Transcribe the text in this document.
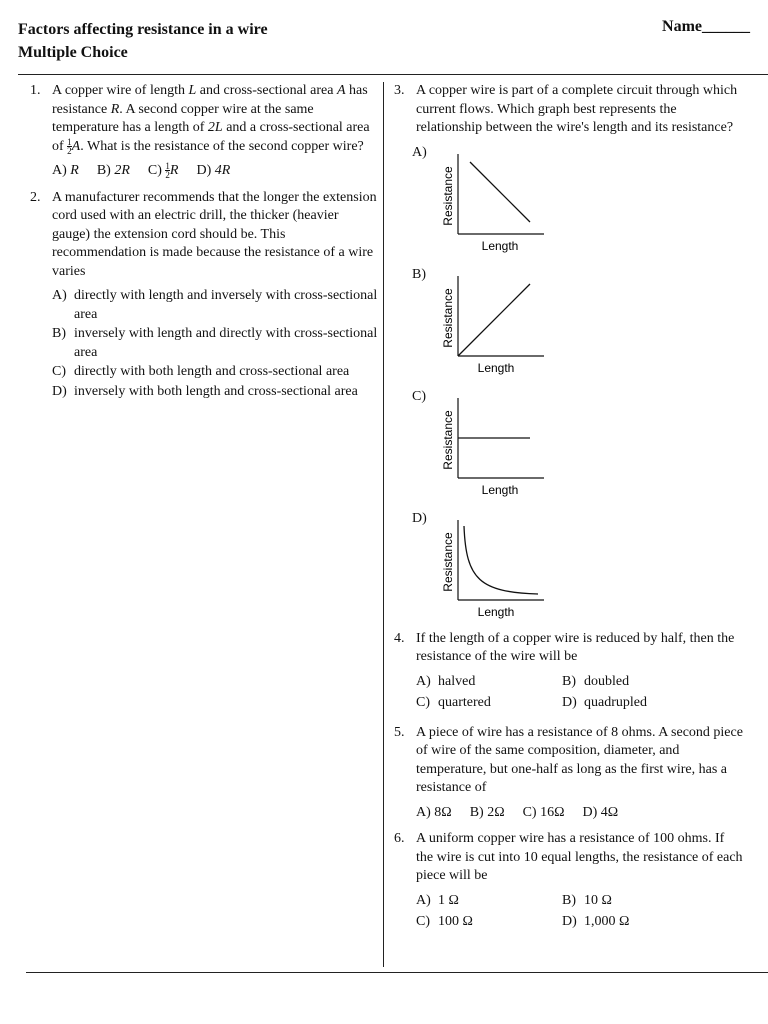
Factors affecting resistance in a wire
Multiple Choice
Name______
1. A copper wire of length L and cross-sectional area A has resistance R. A second copper wire at the same temperature has a length of 2L and a cross-sectional area of $\frac{1}{2} A$. What is the resistance of the second copper wire?
A) R B) 2R $C) \frac{1}{2}$ R D) 4R
2. A manufacturer recommends that the longer the extension cord used with an electric drill, the thicker (heavier gauge) the extension cord should be. This recommendation is made because the resistance of a wire varies
A) directly with length and inversely with cross-sectional area
B) inversely with length and directly with cross-sectional area
C) directly with both length and cross-sectional area
D) inversely with both length and cross-sectional area
3. A copper wire is part of a complete circuit through which current flows. Which graph best represents the relationship between the wire's length and its resistance?
A)
Resistance
Length
B)
Resistance
Length
C)
Resistance
Length
D)
Resistance
Length
4. If the length of a copper wire is reduced by half, then the resistance of the wire will be
A) halved	B) doubled
C) quartered	D) quadrupled
5. A piece of wire has a resistance of 8 ohms. A second piece of wire of the same composition, diameter, and temperature, but one-half as long as the first wire, has a resistance of
A) 8Ω B) 2Ω C) 16Ω D) 4Ω
6. A uniform copper wire has a resistance of 100 ohms. If the wire is cut into 10 equal lengths, the resistance of each piece will be
A) 1 Ω	B) 10 Ω
C) 100 Ω	D) 1,000 Ω
